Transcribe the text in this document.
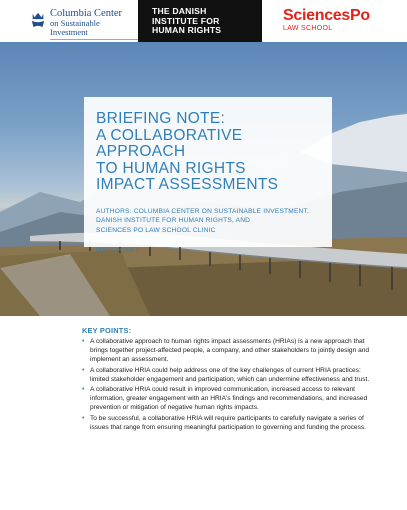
Columbia Center
on Sustainable Investment
THE DANISH
INSTITUTE FOR
HUMAN RIGHTS
SciencesPo
LAW SCHOOL
BRIEFING NOTE:
A COLLABORATIVE APPROACH
TO HUMAN RIGHTS
IMPACT ASSESSMENTS
AUTHORS: COLUMBIA CENTER ON SUSTAINABLE INVESTMENT,
DANISH INSTITUTE FOR HUMAN RIGHTS, AND
SCIENCES PO LAW SCHOOL CLINIC
MARCH 2017
KEY POINTS:
• A collaborative approach to human rights impact assessments (HRIAs) is a new approach that brings together project-affected people, a company, and other stakeholders to jointly design and implement an assessment.
• A collaborative HRIA could help address one of the key challenges of current HRIA practices: limited stakeholder engagement and participation, which can undermine effectiveness and trust.
• A collaborative HRIA could result in improved communication, increased access to relevant information, greater engagement with an HRIA's findings and recommendations, and increased prevention or mitigation of negative human rights impacts.
• To be successful, a collaborative HRIA will require participants to carefully navigate a series of issues that range from ensuring meaningful participation to governing and funding the process.
